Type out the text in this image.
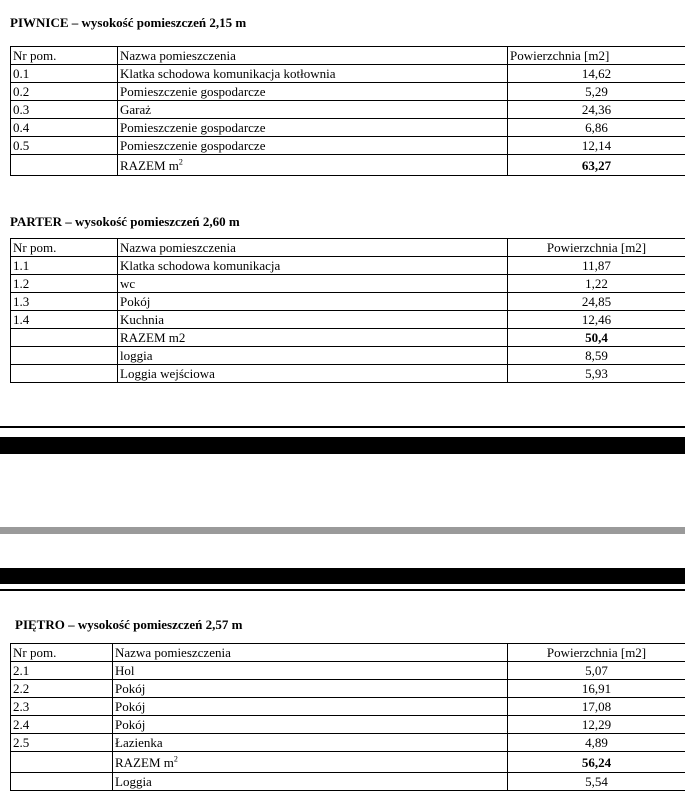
PIWNICE – wysokość pomieszczeń 2,15 m
Nr pom.	Nazwa pomieszczenia	Powierzchnia [m2]
0.1	Klatka schodowa komunikacja kotłownia	14,62
0.2	Pomieszczenie gospodarcze	5,29
0.3	Garaż	24,36
0.4	Pomieszczenie gospodarcze	6,86
0.5	Pomieszczenie gospodarcze	12,14
	RAZEM $m^2$	63,27
PARTER – wysokość pomieszczeń 2,60 m
Nr pom.	Nazwa pomieszczenia	Powierzchnia [m2]
1.1	Klatka schodowa komunikacja	11,87
1.2	wc	1,22
1.3	Pokój	24,85
1.4	Kuchnia	12,46
	RAZEM m2	50,4
	loggia	8,59
	Loggia wejściowa	5,93
PIĘTRO – wysokość pomieszczeń 2,57 m
Nr pom.	Nazwa pomieszczenia	Powierzchnia [m2]
2.1	Hol	5,07
2.2	Pokój	16,91
2.3	Pokój	17,08
2.4	Pokój	12,29
2.5	Łazienka	4,89
	RAZEM $m^2$	56,24
	Loggia	5,54
